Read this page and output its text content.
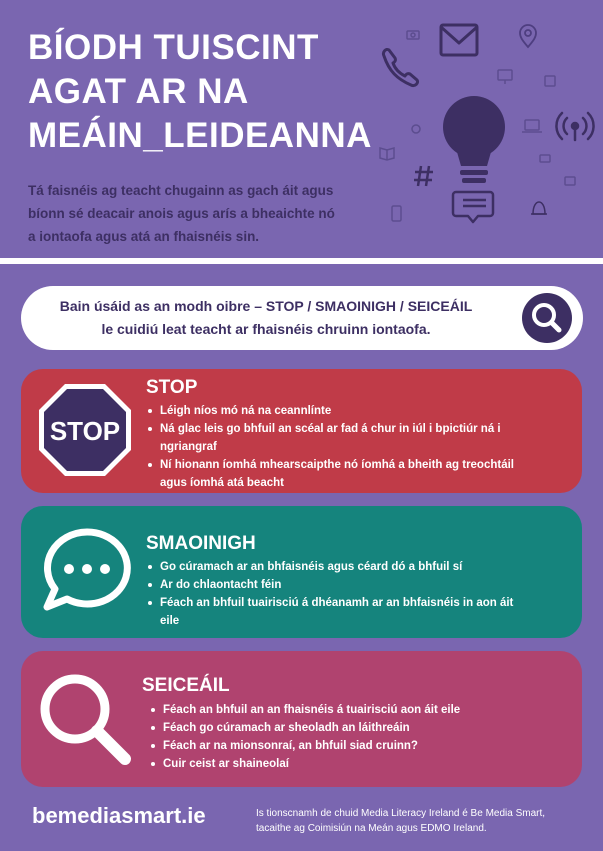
BÍODH TUISCINT
AGAT AR NA
MEÁIN_LEIDEANNA
Tá faisnéis ag teacht chugainn as gach áit agus
bíonn sé deacair anois agus arís a bheaichte nó
a iontaofa agus atá an fhaisnéis sin.
Bain úsáid as an modh oibre – STOP / SMAOINIGH / SEICEÁIL
le cuidiú leat teacht ar fhaisnéis chruinn iontaofa.
STOP
STOP
Léigh níos mó ná na ceannlínte
Ná glac leis go bhfuil an scéal ar fad á chur in iúl i bpictiúr ná i
ngriangraf
Ní hionann íomhá mhearscaipthe nó íomhá a bheith ag treochtáil
agus íomhá atá beacht
SMAOINIGH
Go cúramach ar an bhfaisnéis agus céard dó a bhfuil sí
Ar do chlaontacht féin
Féach an bhfuil tuairisciú á dhéanamh ar an bhfaisnéis in aon áit
eile
SEICEÁIL
Féach an bhfuil an an fhaisnéis á tuairisciú aon áit eile
Féach go cúramach ar sheoladh an láithreáin
Féach ar na mionsonraí, an bhfuil siad cruinn?
Cuir ceist ar shaineolaí
bemediasmart.ie	Is tionscnamh de chuid Media Literacy Ireland é Be Media Smart,
tacaithe ag Coimisiún na Meán agus EDMO Ireland.
